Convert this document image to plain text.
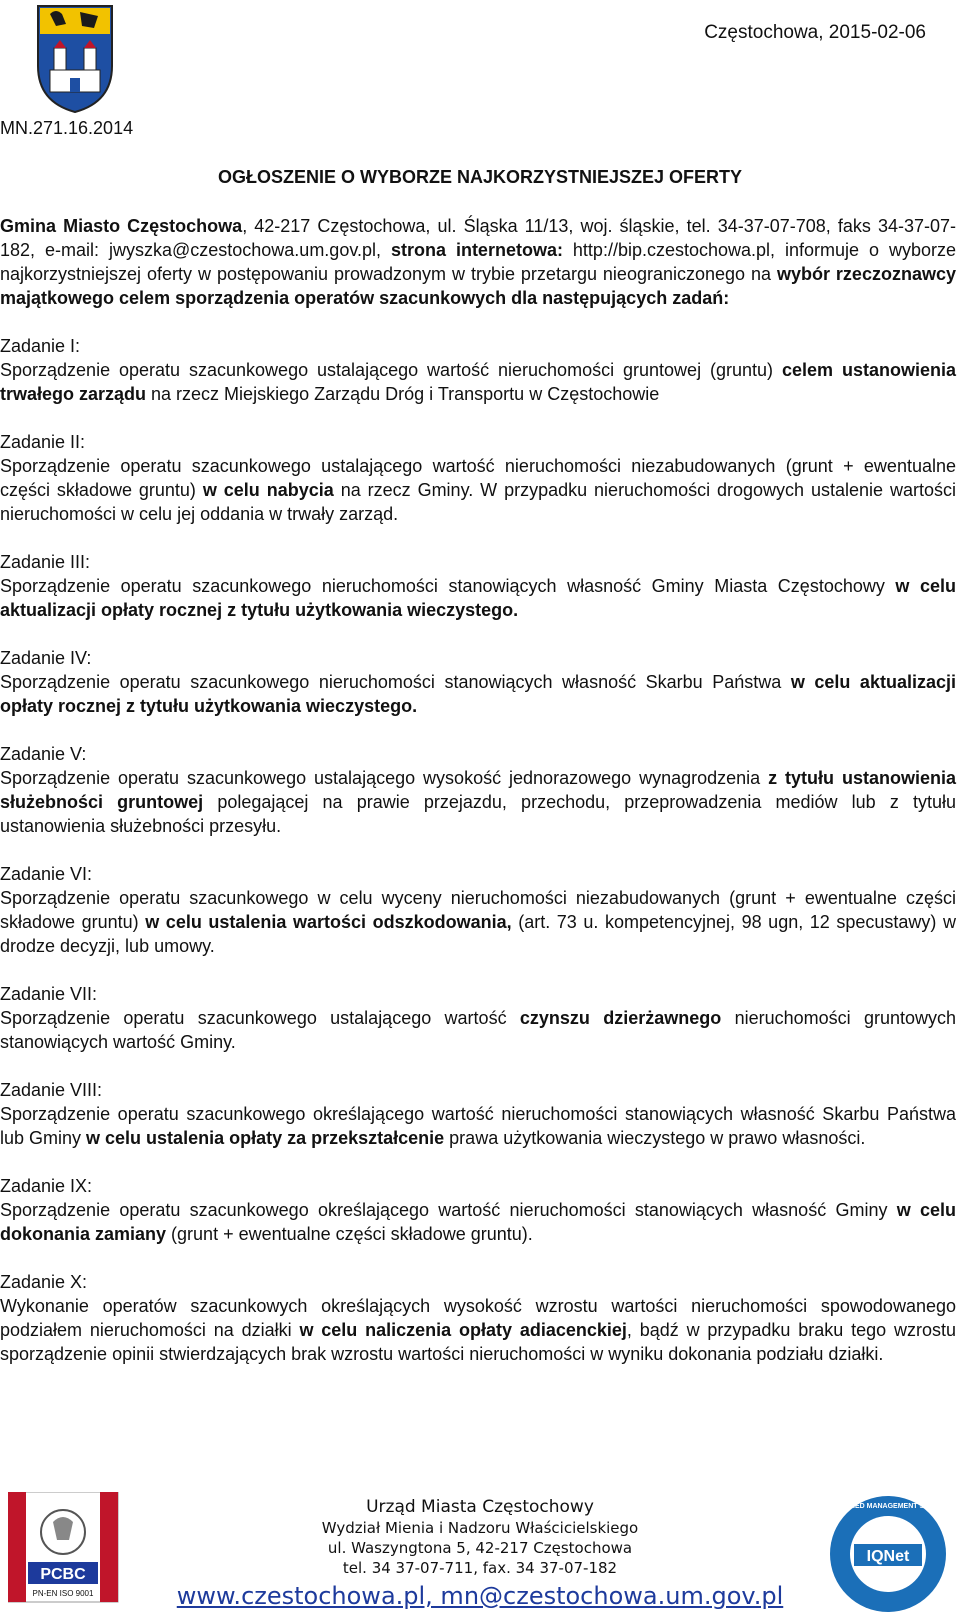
Częstochowa, 2015-02-06
MN.271.16.2014
OGŁOSZENIE O WYBORZE NAJKORZYSTNIEJSZEJ OFERTY

Gmina Miasto Częstochowa, 42-217 Częstochowa, ul. Śląska 11/13, woj. śląskie, tel. 34-37-07-708, faks 34-37-07-182, e-mail: jwyszka@czestochowa.um.gov.pl, strona internetowa: http://bip.czestochowa.pl, informuje o wyborze najkorzystniejszej oferty w postępowaniu prowadzonym w trybie przetargu nieograniczonego na wybór rzeczoznawcy majątkowego celem sporządzenia operatów szacunkowych dla następujących zadań:

Zadanie I:

Sporządzenie operatu szacunkowego ustalającego wartość nieruchomości gruntowej (gruntu) celem ustanowienia trwałego zarządu na rzecz Miejskiego Zarządu Dróg i Transportu w Częstochowie

Zadanie II:

Sporządzenie operatu szacunkowego ustalającego wartość nieruchomości niezabudowanych (grunt + ewentualne części składowe gruntu) w celu nabycia na rzecz Gminy. W przypadku nieruchomości drogowych ustalenie wartości nieruchomości w celu jej oddania w trwały zarząd.

Zadanie III:

Sporządzenie operatu szacunkowego nieruchomości stanowiących własność Gminy Miasta Częstochowy w celu aktualizacji opłaty rocznej z tytułu użytkowania wieczystego.

Zadanie IV:

Sporządzenie operatu szacunkowego nieruchomości stanowiących własność Skarbu Państwa w celu aktualizacji opłaty rocznej z tytułu użytkowania wieczystego.

Zadanie V:

Sporządzenie operatu szacunkowego ustalającego wysokość jednorazowego wynagrodzenia z tytułu ustanowienia służebności gruntowej polegającej na prawie przejazdu, przechodu, przeprowadzenia mediów lub z tytułu ustanowienia służebności przesyłu.

Zadanie VI:

Sporządzenie operatu szacunkowego w celu wyceny nieruchomości niezabudowanych (grunt + ewentualne części składowe gruntu) w celu ustalenia wartości odszkodowania, (art. 73 u. kompetencyjnej, 98 ugn, 12 specustawy) w drodze decyzji, lub umowy.

Zadanie VII:

Sporządzenie operatu szacunkowego ustalającego wartość czynszu dzierżawnego nieruchomości gruntowych stanowiących wartość Gminy.

Zadanie VIII:

Sporządzenie operatu szacunkowego określającego wartość nieruchomości stanowiących własność Skarbu Państwa lub Gminy w celu ustalenia opłaty za przekształcenie prawa użytkowania wieczystego w prawo własności.

Zadanie IX:

Sporządzenie operatu szacunkowego określającego wartość nieruchomości stanowiących własność Gminy w celu dokonania zamiany (grunt + ewentualne części składowe gruntu).

Zadanie X:

Wykonanie operatów szacunkowych określających wysokość wzrostu wartości nieruchomości spowodowanego podziałem nieruchomości na działki w celu naliczenia opłaty adiacenckiej, bądź w przypadku braku tego wzrostu sporządzenie opinii stwierdzających brak wzrostu wartości nieruchomości w wyniku dokonania podziału działki.

PCBC
PN-EN ISO 9001
Urząd Miasta Częstochowy
Wydział Mienia i Nadzoru Właścicielskiego
ul. Waszyngtona 5, 42-217 Częstochowa
tel. 34 37-07-711, fax. 34 37-07-182
www.czestochowa.pl, mn@czestochowa.um.gov.pl
IQNet
CERTIFIED MANAGEMENT SYSTEM
